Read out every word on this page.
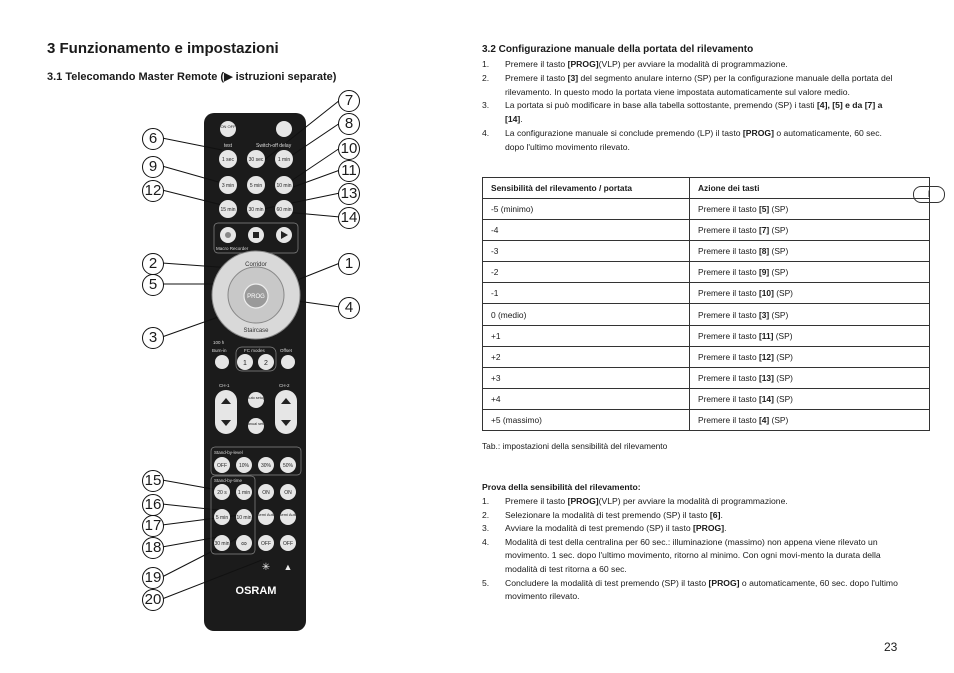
3 Funzionamento e impostazioni
3.1 Telecomando Master Remote (▶ istruzioni separate)
ON OFF
test	Switch-off delay
1 sec	30 sec	1 min
3 min	5 min	10 min
15 min	30 min	60 min
Macro Recorder
PROG
Corridor
Staircase
100 h
Burn-in	FC modes	Offset
1 2
CH-1	CH-2
Auto setup
Manual setup
Stand-by-level
OFF 10% 30% 50%
Stand-by-time
20 s 1 min
5 min 10 min
30 min ∞
ON	ON
Semi Auto Semi Auto
OFF OFF
✳ ▲
OSRAM
6
9
12
2
5
3
15
16
17
18
19
20
7
8
10
11
13
14
1
4
3.2 Configurazione manuale della portata del rilevamento
1.	Premere il tasto [PROG](VLP) per avviare la modalità di programmazione.
2.	Premere il tasto [3] del segmento anulare interno (SP) per la configurazione manuale della portata del rilevamento. In questo modo la portata viene impostata automaticamente sul valore medio.
3.	La portata si può modificare in base alla tabella sottostante, premendo (SP) i tasti [4], [5] e da [7] a [14].
4.	La configurazione manuale si conclude premendo (LP) il tasto [PROG] o automaticamente, 60 sec. dopo l'ultimo movimento rilevato.
Sensibilità del rilevamento / portata	Azione dei tasti
-5 (minimo)	Premere il tasto [5] (SP)
-4	Premere il tasto [7] (SP)
-3	Premere il tasto [8] (SP)
-2	Premere il tasto [9] (SP)
-1	Premere il tasto [10] (SP)
0 (medio)	Premere il tasto [3] (SP)
+1	Premere il tasto [11] (SP)
+2	Premere il tasto [12] (SP)
+3	Premere il tasto [13] (SP)
+4	Premere il tasto [14] (SP)
+5 (massimo)	Premere il tasto [4] (SP)
Tab.: impostazioni della sensibilità del rilevamento
Prova della sensibilità del rilevamento:
1.	Premere il tasto [PROG](VLP) per avviare la modalità di programmazione.
2.	Selezionare la modalità di test premendo (SP) il tasto [6].
3.	Avviare la modalità di test premendo (SP) il tasto [PROG].
4.	Modalità di test della centralina per 60 sec.: illuminazione (massimo) non appena viene rilevato un movimento. 1 sec. dopo l'ultimo movimento, ritorno al minimo. Con ogni movi-mento la durata della modalità di test ritorna a 60 sec.
5.	Concludere la modalità di test premendo (SP) il tasto [PROG] o automaticamente, 60 sec. dopo l'ultimo movimento rilevato.
I
23
